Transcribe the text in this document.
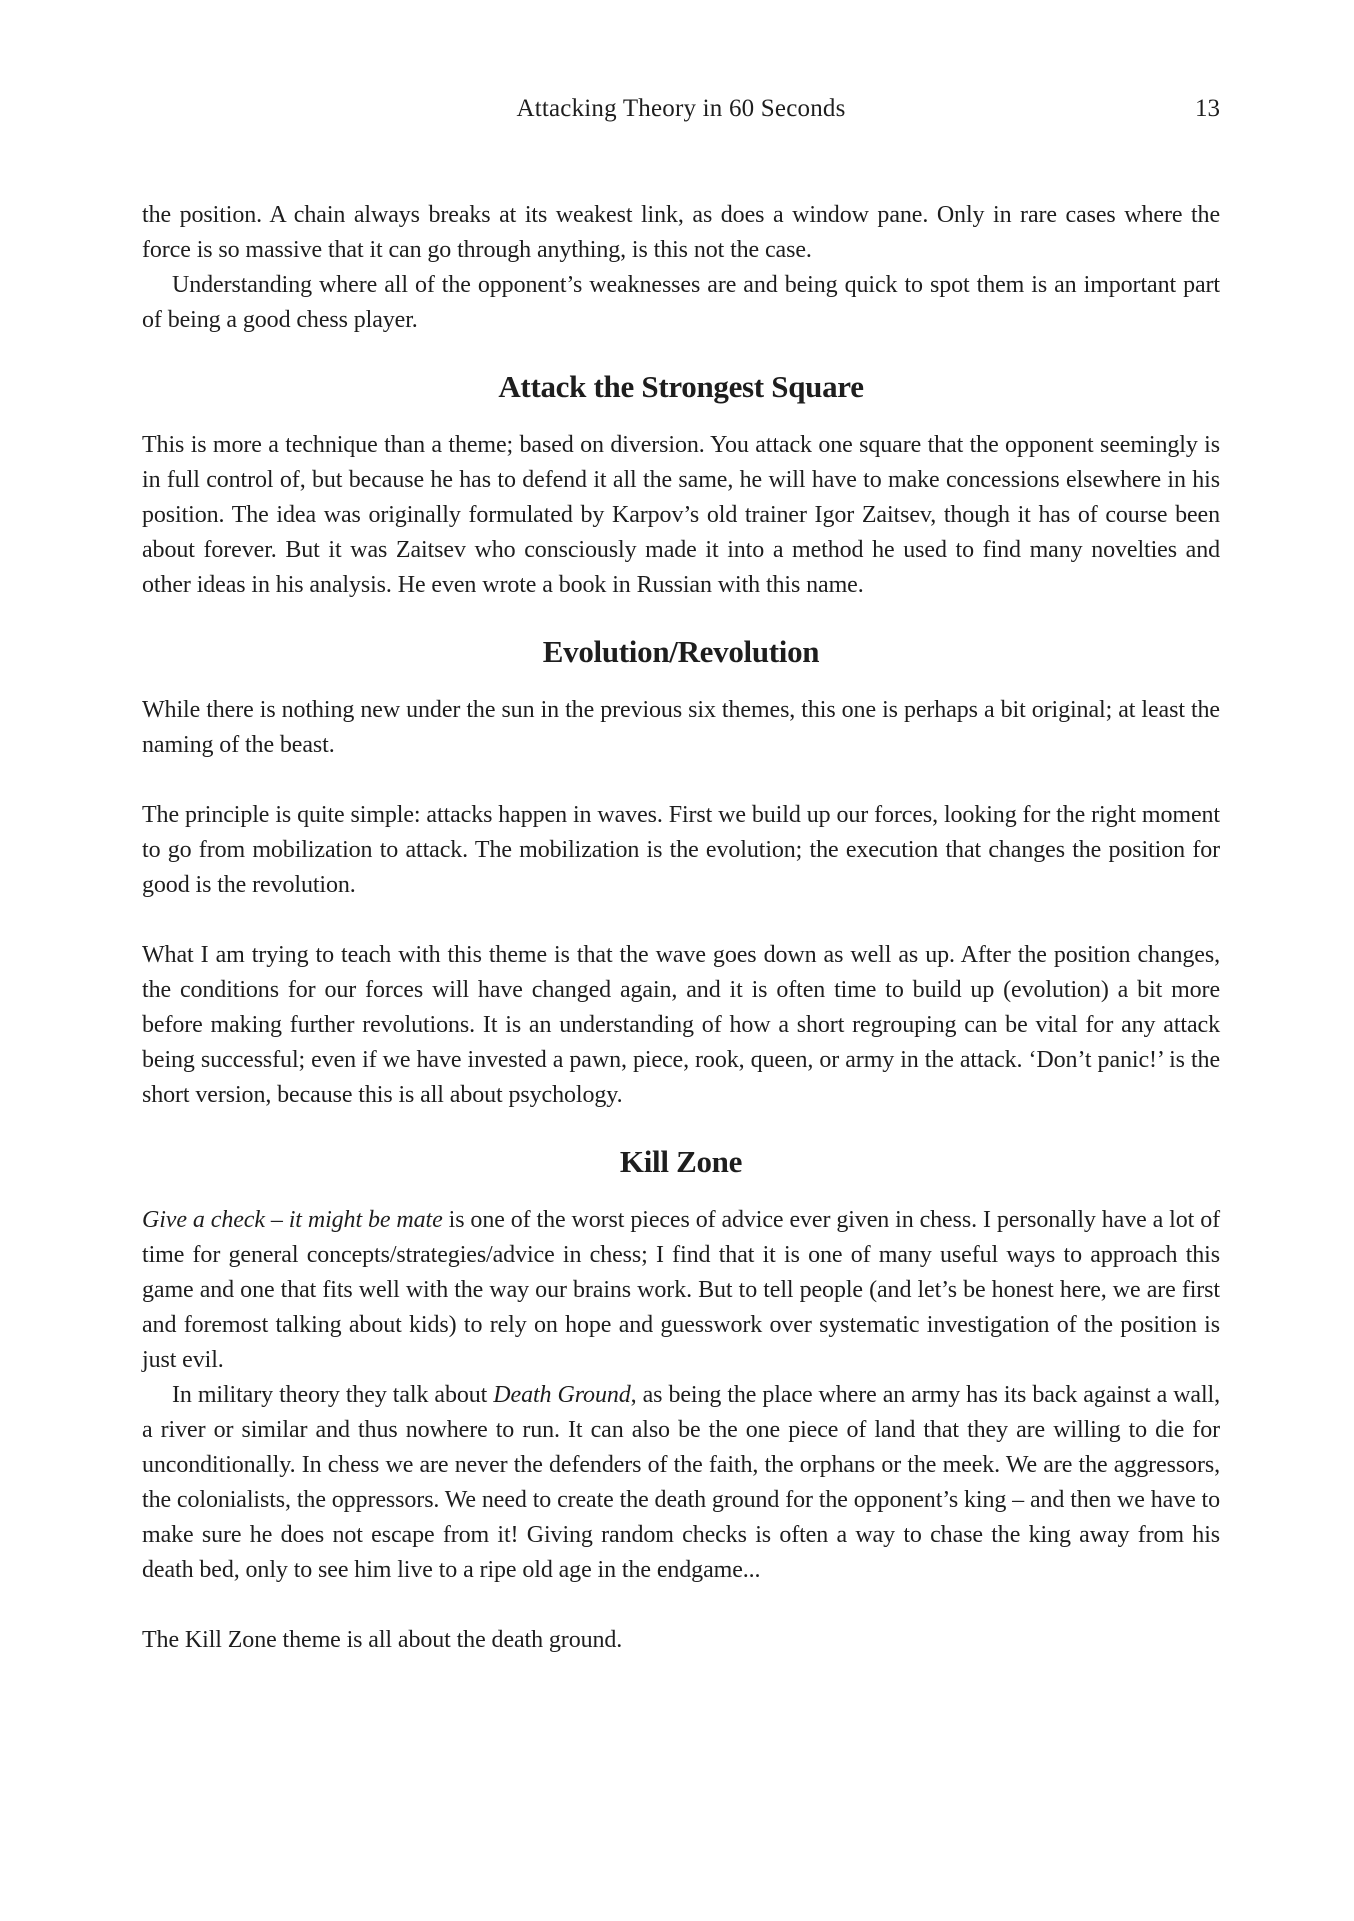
Attacking Theory in 60 Seconds	13

the position. A chain always breaks at its weakest link, as does a window pane. Only in rare cases where the force is so massive that it can go through anything, is this not the case.

Understanding where all of the opponent’s weaknesses are and being quick to spot them is an important part of being a good chess player.

Attack the Strongest Square

This is more a technique than a theme; based on diversion. You attack one square that the opponent seemingly is in full control of, but because he has to defend it all the same, he will have to make concessions elsewhere in his position. The idea was originally formulated by Karpov’s old trainer Igor Zaitsev, though it has of course been about forever. But it was Zaitsev who consciously made it into a method he used to find many novelties and other ideas in his analysis. He even wrote a book in Russian with this name.

Evolution/Revolution

While there is nothing new under the sun in the previous six themes, this one is perhaps a bit original; at least the naming of the beast.

The principle is quite simple: attacks happen in waves. First we build up our forces, looking for the right moment to go from mobilization to attack. The mobilization is the evolution; the execution that changes the position for good is the revolution.

What I am trying to teach with this theme is that the wave goes down as well as up. After the position changes, the conditions for our forces will have changed again, and it is often time to build up (evolution) a bit more before making further revolutions. It is an understanding of how a short regrouping can be vital for any attack being successful; even if we have invested a pawn, piece, rook, queen, or army in the attack. ‘Don’t panic!’ is the short version, because this is all about psychology.

Kill Zone

Give a check – it might be mate is one of the worst pieces of advice ever given in chess. I personally have a lot of time for general concepts/strategies/advice in chess; I find that it is one of many useful ways to approach this game and one that fits well with the way our brains work. But to tell people (and let’s be honest here, we are first and foremost talking about kids) to rely on hope and guesswork over systematic investigation of the position is just evil.

In military theory they talk about Death Ground, as being the place where an army has its back against a wall, a river or similar and thus nowhere to run. It can also be the one piece of land that they are willing to die for unconditionally. In chess we are never the defenders of the faith, the orphans or the meek. We are the aggressors, the colonialists, the oppressors. We need to create the death ground for the opponent’s king – and then we have to make sure he does not escape from it! Giving random checks is often a way to chase the king away from his death bed, only to see him live to a ripe old age in the endgame...

The Kill Zone theme is all about the death ground.
